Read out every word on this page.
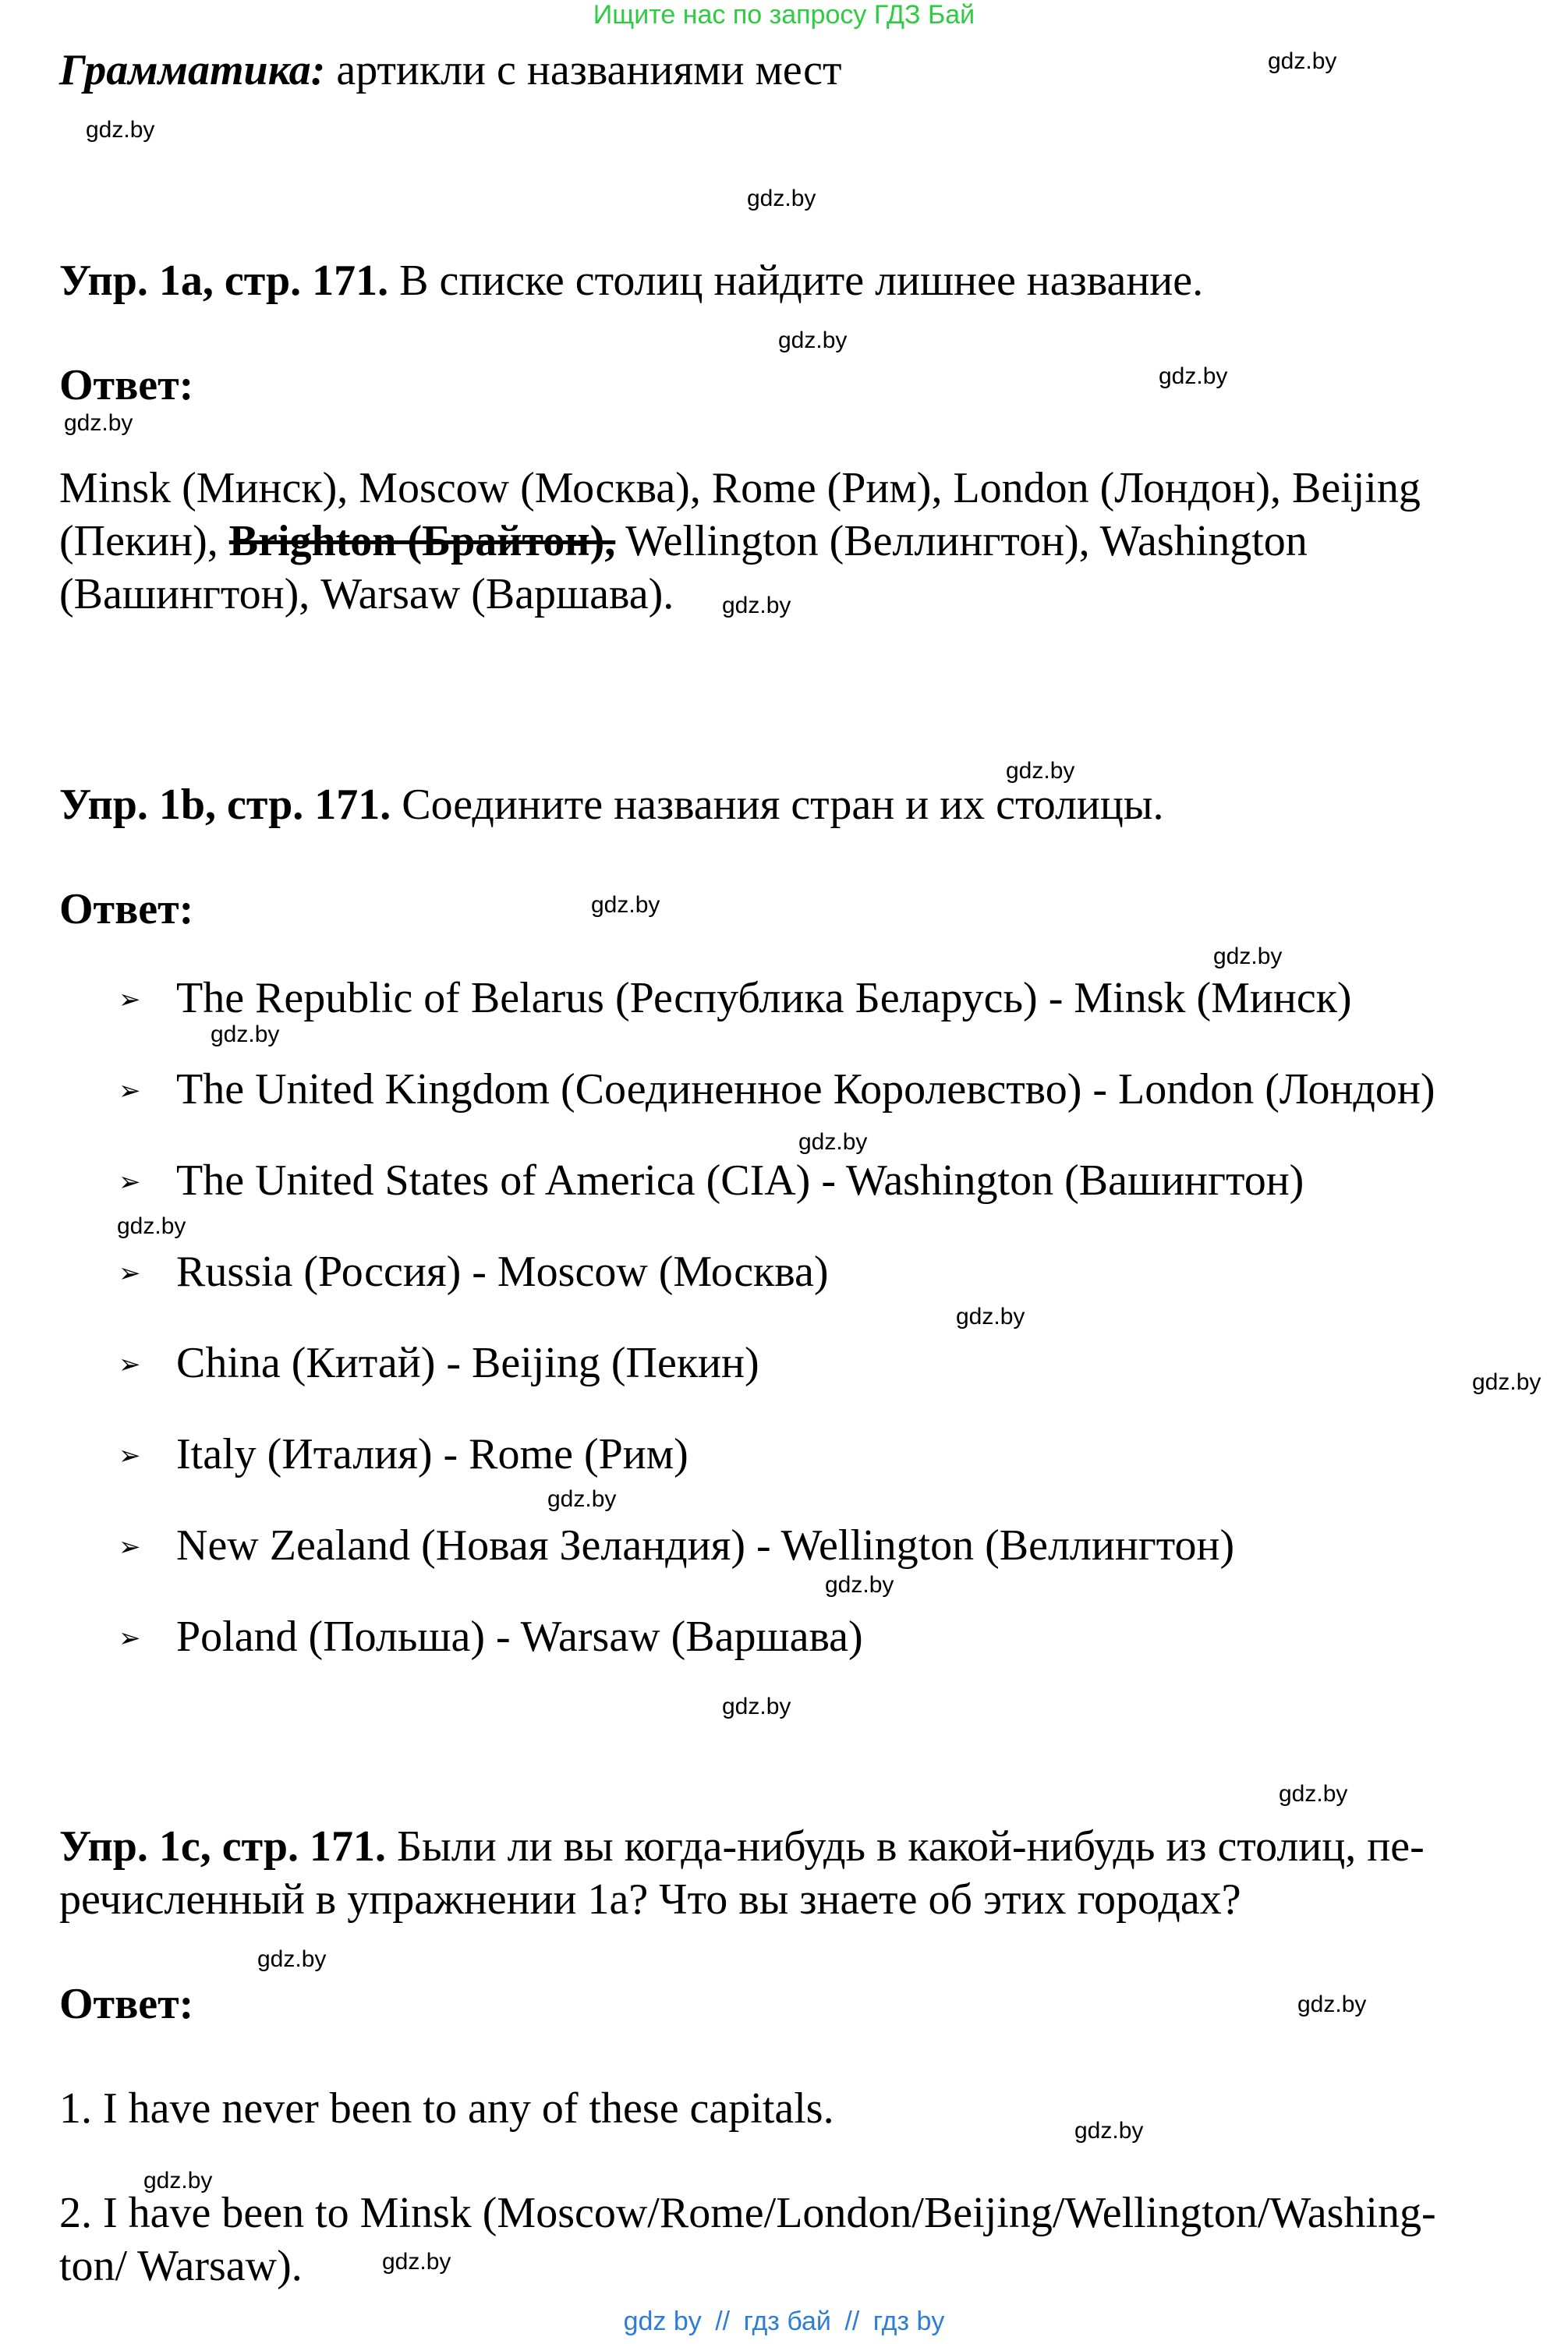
Ищите нас по запросу ГДЗ Бай
Грамматика: артикли с названиями мест
Упр. 1a, стр. 171. В списке столиц найдите лишнее название.
Ответ:
Minsk (Минск), Moscow (Москва), Rome (Рим), London (Лондон), Beijing
(Пекин), Brighton (Брайтон), Wellington (Веллингтон), Washington
(Вашингтон), Warsaw (Варшава).
Упр. 1b, стр. 171. Соедините названия стран и их столицы.
Ответ:
➢ The Republic of Belarus (Республика Беларусь) - Minsk (Минск)
➢ The United Kingdom (Соединенное Королевство) - London (Лондон)
➢ The United States of America (CIA) - Washington (Вашингтон)
➢ Russia (Россия) - Moscow (Москва)
➢ China (Китай) - Beijing (Пекин)
➢ Italy (Италия) - Rome (Рим)
➢ New Zealand (Новая Зеландия) - Wellington (Веллингтон)
➢ Poland (Польша) - Warsaw (Варшава)
Упр. 1c, стр. 171. Были ли вы когда-нибудь в какой-нибудь из столиц, пе-
речисленный в упражнении 1a? Что вы знаете об этих городах?
Ответ:
1. I have never been to any of these capitals.
2. I have been to Minsk (Moscow/Rome/London/Beijing/Wellington/Washing-
ton/ Warsaw).
gdz.by
gdz.by
gdz.by
gdz.by
gdz.by
gdz.by
gdz.by
gdz.by
gdz.by
gdz.by
gdz.by
gdz.by
gdz.by
gdz.by
gdz.by
gdz.by
gdz.by
gdz.by
gdz.by
gdz.by
gdz.by
gdz.by
gdz.by
gdz.by
gdz by // гдз бай // гдз by
